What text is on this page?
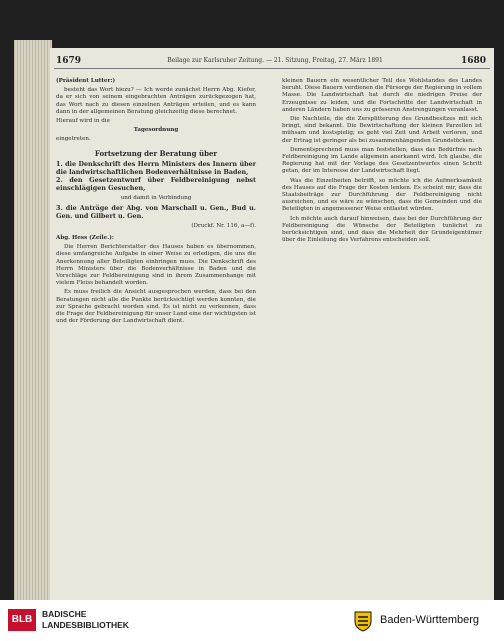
1679	Beilage zur Karlsruher Zeitung. — 21. Sitzung, Freitag, 27. März 1891	1680

(Präsident Lutter:)

besteht das Wort hiezu? — Ich werde zunächst Herrn Abg. Kiefer, da er sich von seinem eingebrachten Anträgen zurückgezogen hat, das Wort nach zu diesen einzelnen Anträgen erteilen, und es kann dann in der allgemeinen Beratung gleichzeitig diese berechnet.

Hierauf wird in die

Tagesordnung

eingetreten.

Fortsetzung der Beratung über

1. die Denkschrift des Herrn Ministers des Innern über die landwirtschaftlichen Bodenverhältnisse in Baden,
2. den Gesetzentwurf über Feldbereinigung nebst einschlägigen Gesuchen,

und damit in Verbindung

3. die Anträge der Abg. von Marschall u. Gen., Bud u. Gen. und Gilbert u. Gen.

(Druckf. Nr. 116, a—f).

Abg. Hess (Zeile.):

Die Herren Berichterstatter des Hauses haben es übernommen, diese umfangreiche Aufgabe in einer Weise zu erledigen, die uns die Anerkennung aller Beteiligten einbringen muss. Die Denkschrift des Herrn Ministers über die Bodenverhältnisse in Baden und die Vorschläge zur Feldbereinigung sind in ihrem Zusammenhange mit vielem Fleiss behandelt worden.

Es muss freilich die Ansicht ausgesprochen werden, dass bei den Beratungen nicht alle die Punkte berücksichtigt werden konnten, die zur Sprache gebracht worden sind. Es ist nicht zu verkennen, dass die Frage der Feldbereinigung für unser Land eine der wichtigsten ist und der Förderung der Landwirtschaft dient.

kleinen Bauern ein wesentlicher Teil des Wohlstandes des Landes beruht. Diese Bauern verdienen die Fürsorge der Regierung in vollem Masse. Die Landwirtschaft hat durch die niedrigen Preise der Erzeugnisse zu leiden, und die Fortschritte der Landwirtschaft in anderen Ländern haben uns zu grösseren Anstrengungen veranlasst.

Die Nachteile, die die Zersplitterung des Grundbesitzes mit sich bringt, sind bekannt. Die Bewirtschaftung der kleinen Parzellen ist mühsam und kostspielig; es geht viel Zeit und Arbeit verloren, und der Ertrag ist geringer als bei zusammenhängenden Grundstücken.

Dementsprechend muss man feststellen, dass das Bedürfnis nach Feldbereinigung im Lande allgemein anerkannt wird. Ich glaube, die Regierung hat mit der Vorlage des Gesetzentwurfes einen Schritt getan, der im Interesse der Landwirtschaft liegt.

Was die Einzelheiten betrifft, so möchte ich die Aufmerksamkeit des Hauses auf die Frage der Kosten lenken. Es scheint mir, dass die Staatsbeiträge zur Durchführung der Feldbereinigung nicht ausreichen, und es wäre zu wünschen, dass die Gemeinden und die Beteiligten in angemessener Weise entlastet würden.

Ich möchte auch darauf hinweisen, dass bei der Durchführung der Feldbereinigung die Wünsche der Beteiligten tunlichst zu berücksichtigen sind, und dass die Mehrheit der Grundeigentümer über die Einleitung des Verfahrens entscheiden soll.

BLB	BADISCHE
LANDESBIBLIOTHEK	Baden-Württemberg
